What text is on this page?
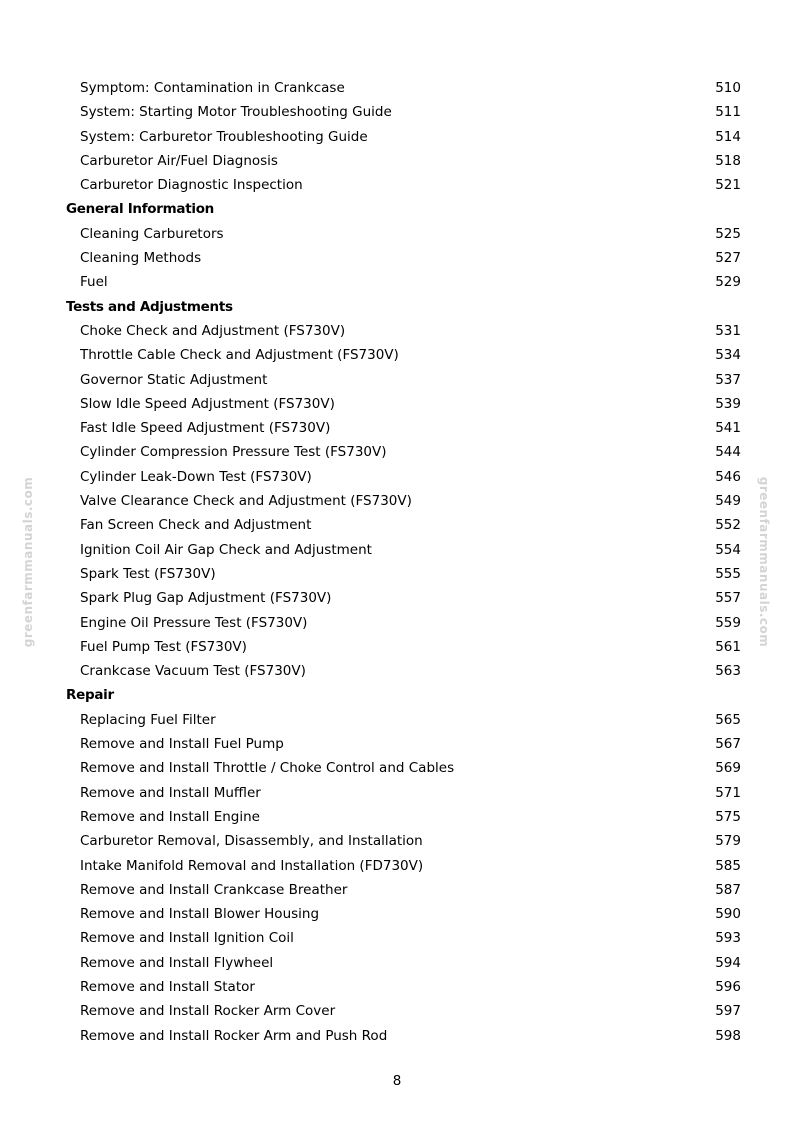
greenfarmmanuals.com	greenfarmmanuals.com
Symptom: Contamination in Crankcase	510
System: Starting Motor Troubleshooting Guide	511
System: Carburetor Troubleshooting Guide	514
Carburetor Air/Fuel Diagnosis	518
Carburetor Diagnostic Inspection	521
General Information
Cleaning Carburetors	525
Cleaning Methods	527
Fuel	529
Tests and Adjustments
Choke Check and Adjustment (FS730V)	531
Throttle Cable Check and Adjustment (FS730V)	534
Governor Static Adjustment	537
Slow Idle Speed Adjustment (FS730V)	539
Fast Idle Speed Adjustment (FS730V)	541
Cylinder Compression Pressure Test (FS730V)	544
Cylinder Leak-Down Test (FS730V)	546
Valve Clearance Check and Adjustment (FS730V)	549
Fan Screen Check and Adjustment	552
Ignition Coil Air Gap Check and Adjustment	554
Spark Test (FS730V)	555
Spark Plug Gap Adjustment (FS730V)	557
Engine Oil Pressure Test (FS730V)	559
Fuel Pump Test (FS730V)	561
Crankcase Vacuum Test (FS730V)	563
Repair
Replacing Fuel Filter	565
Remove and Install Fuel Pump	567
Remove and Install Throttle / Choke Control and Cables	569
Remove and Install Muffler	571
Remove and Install Engine	575
Carburetor Removal, Disassembly, and Installation	579
Intake Manifold Removal and Installation (FD730V)	585
Remove and Install Crankcase Breather	587
Remove and Install Blower Housing	590
Remove and Install Ignition Coil	593
Remove and Install Flywheel	594
Remove and Install Stator	596
Remove and Install Rocker Arm Cover	597
Remove and Install Rocker Arm and Push Rod	598
8
